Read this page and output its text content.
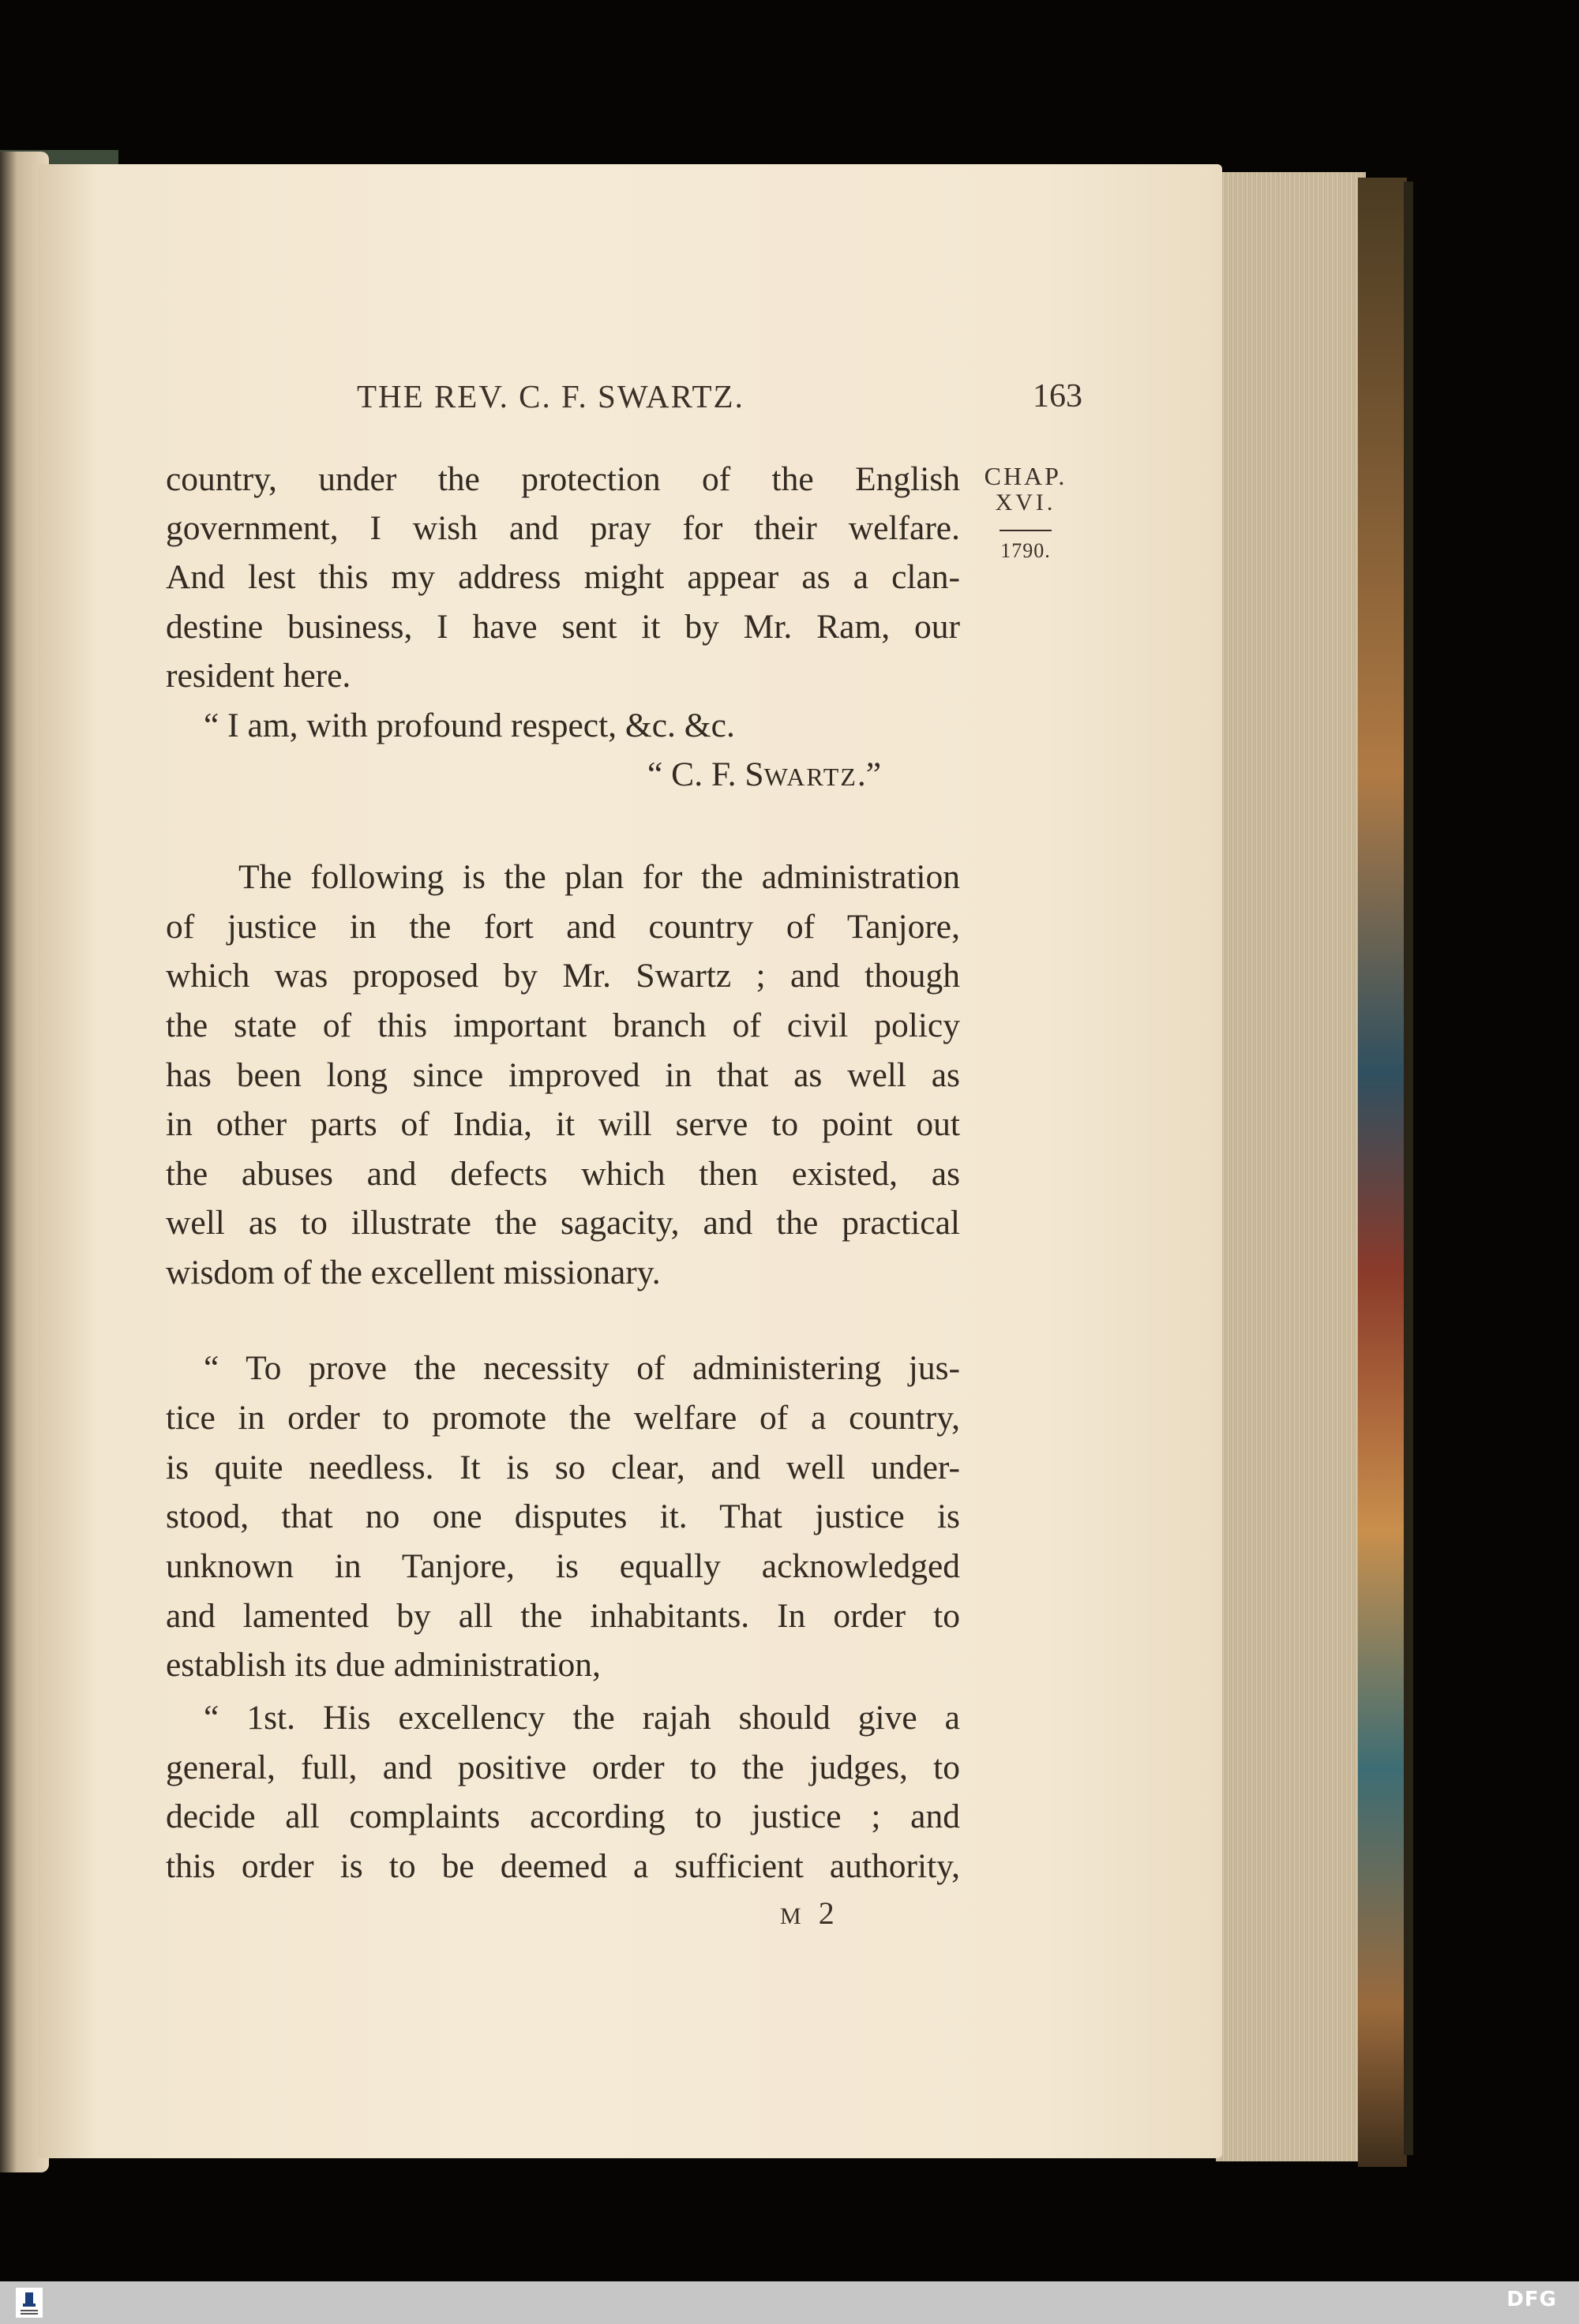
THE REV. C. F. SWARTZ.	163
CHAP.
XVI.
1790.
country, under the protection of the English
government, I wish and pray for their welfare.
And lest this my address might appear as a clan-
destine business, I have sent it by Mr. Ram, our
resident here.
“ I am, with profound respect, &c. &c.
“ C. F. SWARTZ.”
The following is the plan for the administration
of justice in the fort and country of Tanjore,
which was proposed by Mr. Swartz ; and though
the state of this important branch of civil policy
has been long since improved in that as well as
in other parts of India, it will serve to point out
the abuses and defects which then existed, as
well as to illustrate the sagacity, and the practical
wisdom of the excellent missionary.
“ To prove the necessity of administering jus-
tice in order to promote the welfare of a country,
is quite needless. It is so clear, and well under-
stood, that no one disputes it. That justice is
unknown in Tanjore, is equally acknowledged
and lamented by all the inhabitants. In order to
establish its due administration,
“ 1st. His excellency the rajah should give a
general, full, and positive order to the judges, to
decide all complaints according to justice ; and
this order is to be deemed a sufficient authority,
M 2
DFG
